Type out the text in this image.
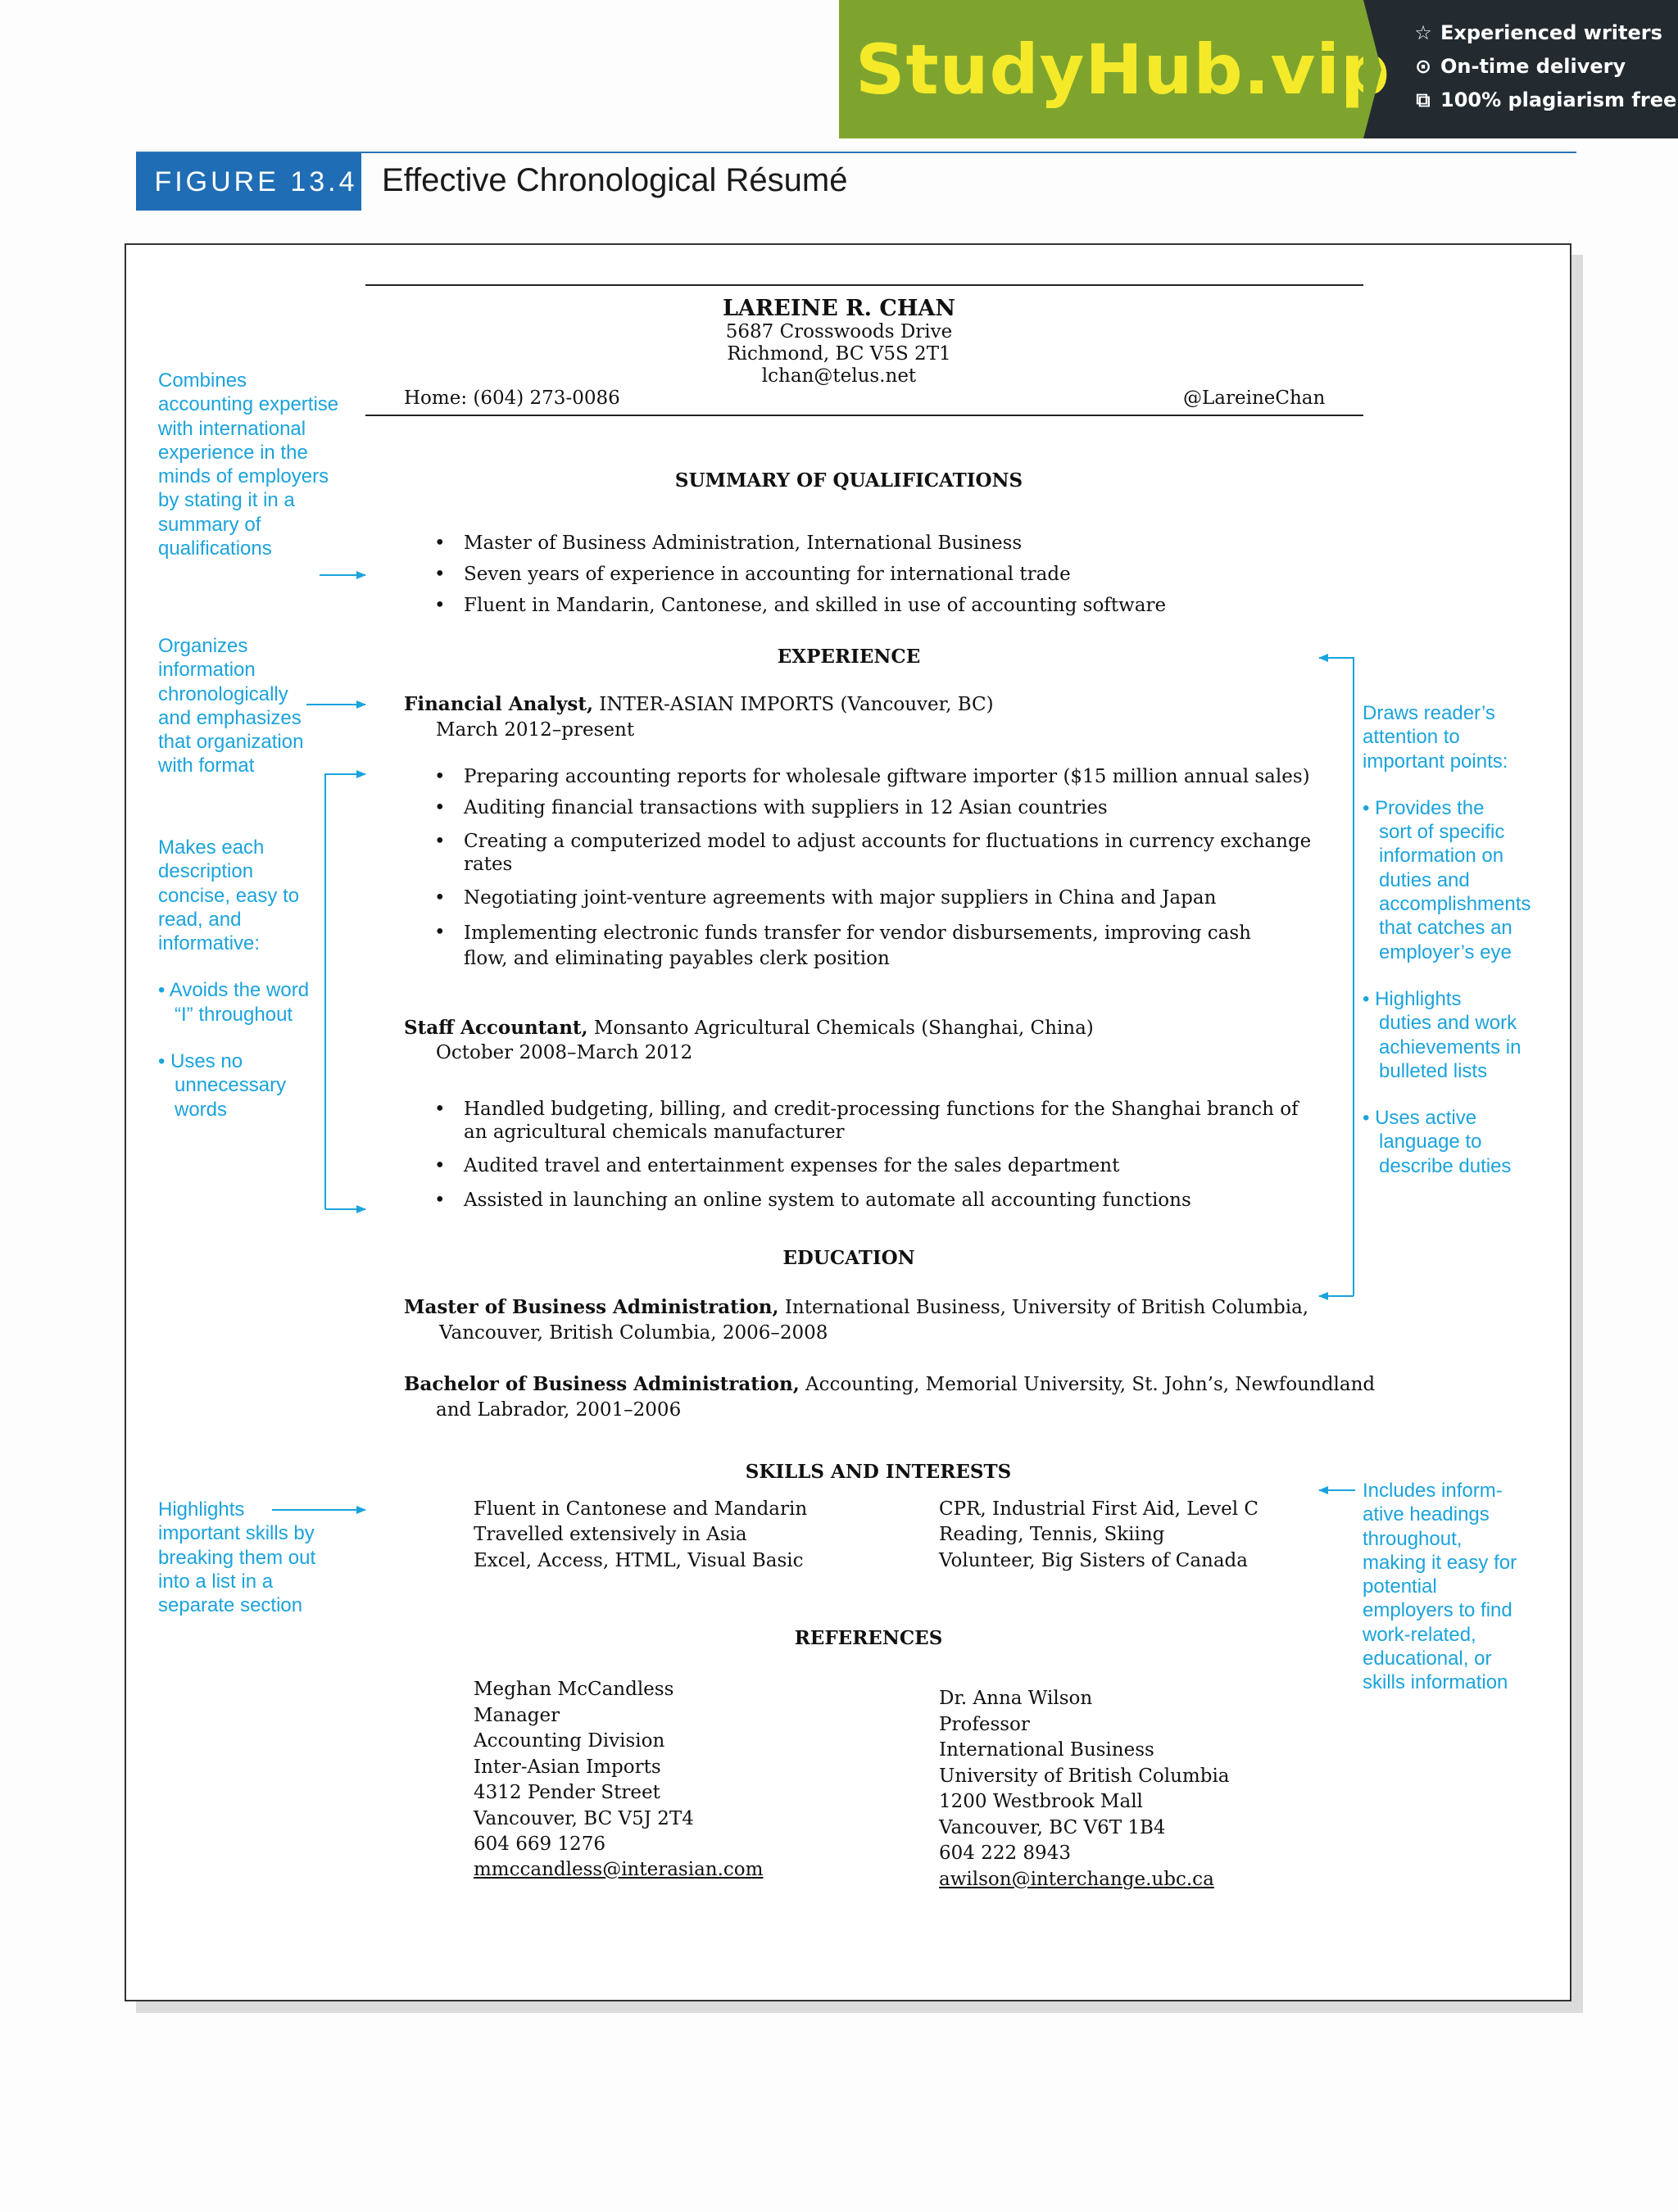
StudyHub.vip ☆ Experienced writers
⊙ On-time delivery
⧉ 100% plagiarism free
FIGURE 13.4 Effective Chronological Résumé
LAREINE R. CHAN
5687 Crosswoods Drive
Richmond, BC V5S 2T1
lchan@telus.net
Home: (604) 273-0086	@LareineChan
SUMMARY OF QUALIFICATIONS
• Master of Business Administration, International Business
• Seven years of experience in accounting for international trade
• Fluent in Mandarin, Cantonese, and skilled in use of accounting software
EXPERIENCE
Financial Analyst, INTER-ASIAN IMPORTS (Vancouver, BC)
March 2012–present
• Preparing accounting reports for wholesale giftware importer ($15 million annual sales)
• Auditing financial transactions with suppliers in 12 Asian countries
• Creating a computerized model to adjust accounts for fluctuations in currency exchange rates
• Negotiating joint-venture agreements with major suppliers in China and Japan
• Implementing electronic funds transfer for vendor disbursements, improving cash flow, and eliminating payables clerk position
Staff Accountant, Monsanto Agricultural Chemicals (Shanghai, China)
October 2008–March 2012
• Handled budgeting, billing, and credit-processing functions for the Shanghai branch of an agricultural chemicals manufacturer
• Audited travel and entertainment expenses for the sales department
• Assisted in launching an online system to automate all accounting functions
EDUCATION
Master of Business Administration, International Business, University of British Columbia,
Vancouver, British Columbia, 2006–2008
Bachelor of Business Administration, Accounting, Memorial University, St. John’s, Newfoundland
and Labrador, 2001–2006
SKILLS AND INTERESTS
Fluent in Cantonese and Mandarin
Travelled extensively in Asia
Excel, Access, HTML, Visual Basic
CPR, Industrial First Aid, Level C
Reading, Tennis, Skiing
Volunteer, Big Sisters of Canada
REFERENCES
Meghan McCandless
Manager
Accounting Division
Inter-Asian Imports
4312 Pender Street
Vancouver, BC V5J 2T4
604 669 1276
mmccandless@interasian.com
Dr. Anna Wilson
Professor
International Business
University of British Columbia
1200 Westbrook Mall
Vancouver, BC V6T 1B4
604 222 8943
awilson@interchange.ubc.ca
Combines accounting expertise with international experience in the minds of employers by stating it in a summary of qualifications
Organizes information chronologically and emphasizes that organization with format
Makes each description concise, easy to read, and informative:
• Avoids the word
“I” throughout
• Uses no
unnecessary
words
Highlights important skills by breaking them out into a list in a separate section
Draws reader’s attention to important points:
• Provides the
sort of specific information on duties and accomplishments that catches an employer’s eye
• Highlights
duties and work achievements in bulleted lists
• Uses active
language to describe duties
Includes inform- ative headings throughout, making it easy for potential employers to find work-related, educational, or skills information
